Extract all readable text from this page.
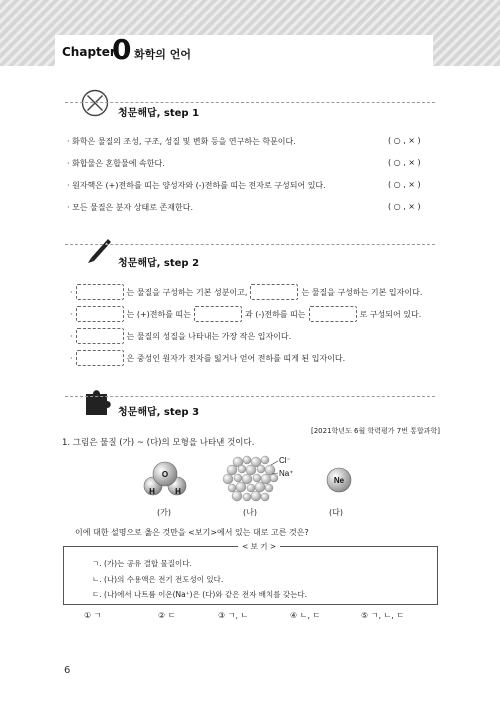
Chapter
0 화학의 언어
청문해답, step 1
· 화학은 물질의 조성, 구조, 성질 및 변화 등을 연구하는 학문이다.	( ○ , × )
· 화합물은 혼합물에 속한다.	( ○ , × )
· 원자핵은 (+)전하를 띠는 양성자와 (-)전하를 띠는 전자로 구성되어 있다.	( ○ , × )
· 모든 물질은 분자 상태로 존재한다.	( ○ , × )
청문해답, step 2
·	는 물질을 구성하는 기본 성분이고,	는 물질을 구성하는 기본 입자이다.
·	는 (+)전하를 띠는	과 (-)전하를 띠는	로 구성되어 있다.
·	는 물질의 성질을 나타내는 가장 작은 입자이다.
·	은 중성인 원자가 전자를 잃거나 얻어 전하를 띠게 된 입자이다.
청문해답, step 3
[2021학년도 6월 학력평가 7번 통합과학]
1. 그림은 물질 (가) ~ (다)의 모형을 나타낸 것이다.
O
H	H
(가)
Cl⁻
Na⁺
(나)
Ne
(다)
이에 대한 설명으로 옳은 것만을 <보기>에서 있는 대로 고른 것은?
< 보 기 >
ㄱ. (가)는 공유 결합 물질이다.
ㄴ. (나)의 수용액은 전기 전도성이 있다.
ㄷ. (나)에서 나트륨 이온(Na⁺)은 (다)와 같은 전자 배치를 갖는다.
① ㄱ	② ㄷ	③ ㄱ, ㄴ	④ ㄴ, ㄷ	⑤ ㄱ, ㄴ, ㄷ
6
